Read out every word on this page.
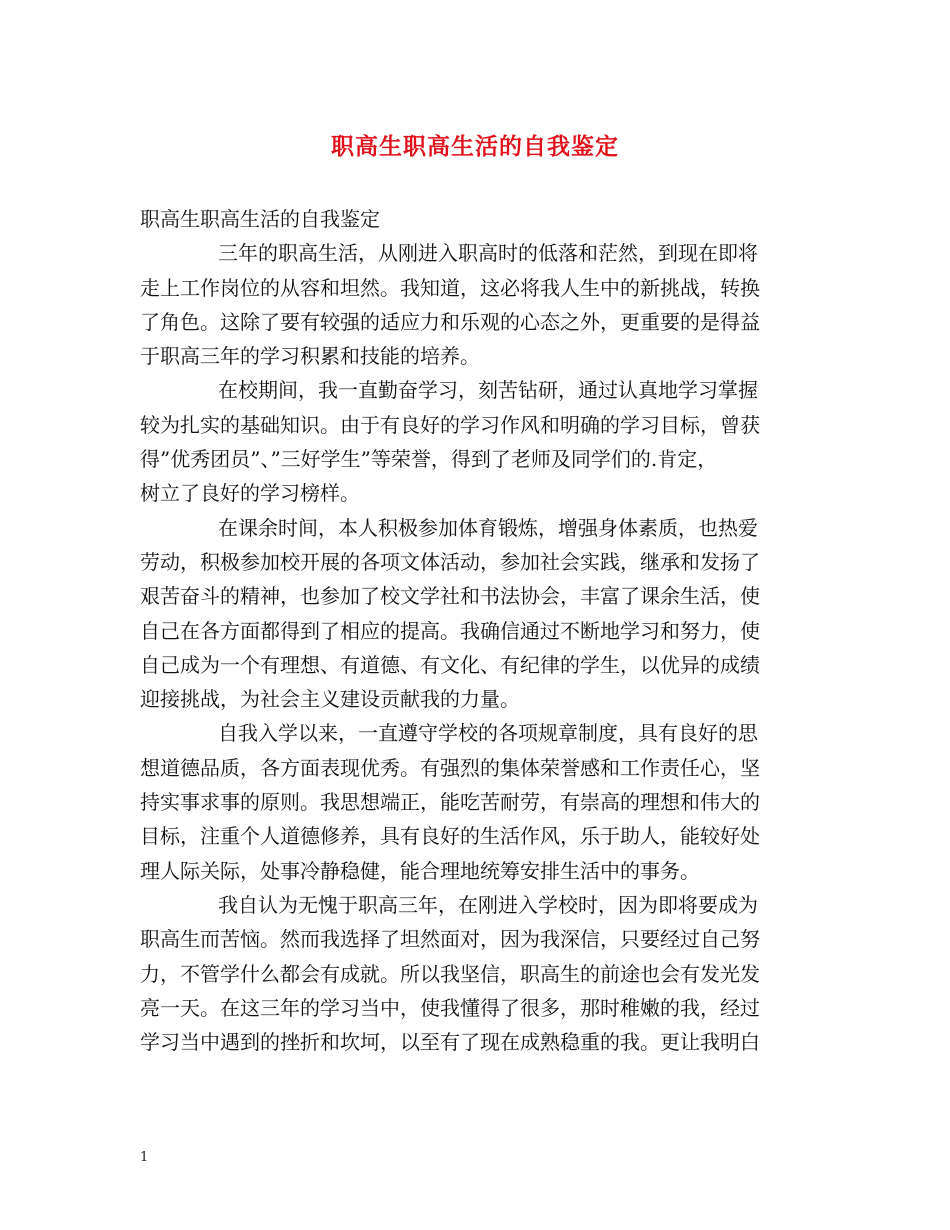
职高生职高生活的自我鉴定
职高生职高生活的自我鉴定
三年的职高生活，从刚进入职高时的低落和茫然，到现在即将
走上工作岗位的从容和坦然。我知道，这必将我人生中的新挑战，转换
了角色。这除了要有较强的适应力和乐观的心态之外，更重要的是得益
于职高三年的学习积累和技能的培养。
在校期间，我一直勤奋学习，刻苦钻研，通过认真地学习掌握
较为扎实的基础知识。由于有良好的学习作风和明确的学习目标，曾获
得”优秀团员”、”三好学生”等荣誉，得到了老师及同学们的.肯定，
树立了良好的学习榜样。
在课余时间，本人积极参加体育锻炼，增强身体素质，也热爱
劳动，积极参加校开展的各项文体活动，参加社会实践，继承和发扬了
艰苦奋斗的精神，也参加了校文学社和书法协会，丰富了课余生活，使
自己在各方面都得到了相应的提高。我确信通过不断地学习和努力，使
自己成为一个有理想、有道德、有文化、有纪律的学生，以优异的成绩
迎接挑战，为社会主义建设贡献我的力量。
自我入学以来，一直遵守学校的各项规章制度，具有良好的思
想道德品质，各方面表现优秀。有强烈的集体荣誉感和工作责任心，坚
持实事求事的原则。我思想端正，能吃苦耐劳，有崇高的理想和伟大的
目标，注重个人道德修养，具有良好的生活作风，乐于助人，能较好处
理人际关际，处事冷静稳健，能合理地统筹安排生活中的事务。
我自认为无愧于职高三年，在刚进入学校时，因为即将要成为
职高生而苦恼。然而我选择了坦然面对，因为我深信，只要经过自己努
力，不管学什么都会有成就。所以我坚信，职高生的前途也会有发光发
亮一天。在这三年的学习当中，使我懂得了很多，那时稚嫩的我，经过
学习当中遇到的挫折和坎坷，以至有了现在成熟稳重的我。更让我明白
1
